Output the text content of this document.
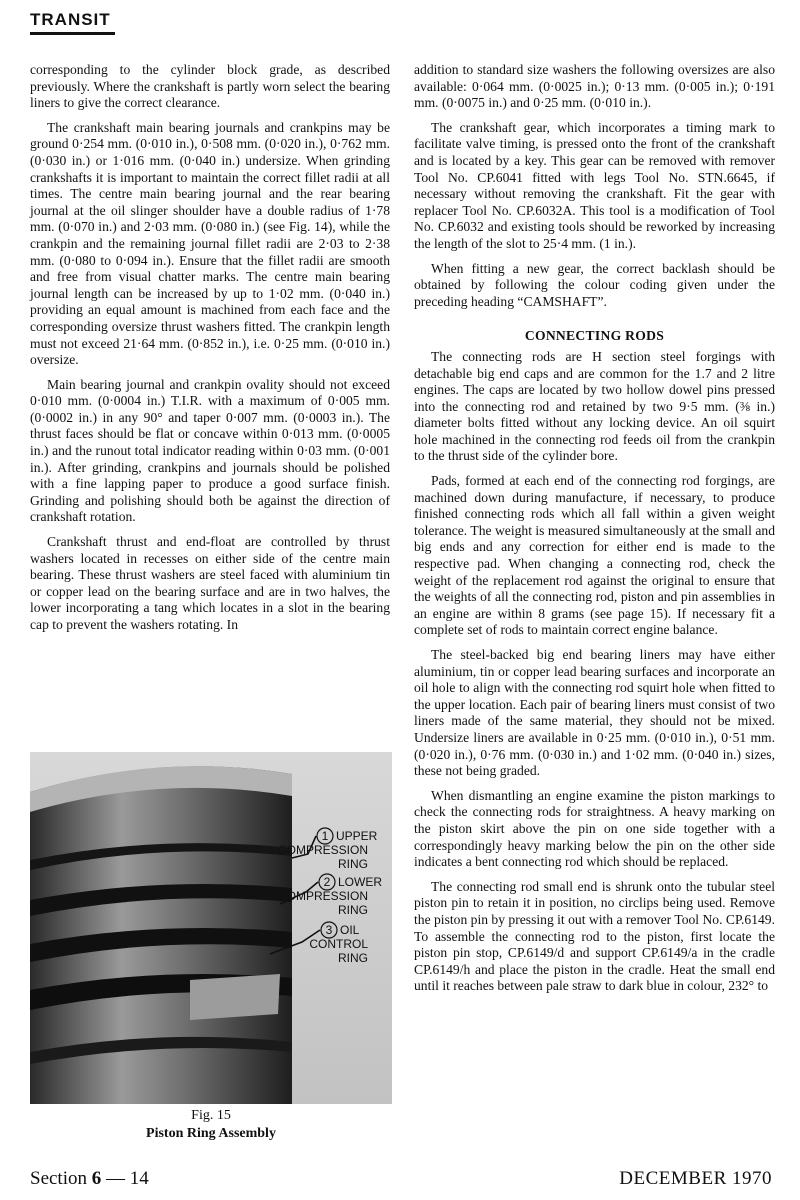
TRANSIT

corresponding to the cylinder block grade, as described previously. Where the crankshaft is partly worn select the bearing liners to give the correct clearance.

The crankshaft main bearing journals and crankpins may be ground 0·254 mm. (0·010 in.), 0·508 mm. (0·020 in.), 0·762 mm. (0·030 in.) or 1·016 mm. (0·040 in.) undersize. When grinding crankshafts it is important to maintain the correct fillet radii at all times. The centre main bearing journal and the rear bearing journal at the oil slinger shoulder have a double radius of 1·78 mm. (0·070 in.) and 2·03 mm. (0·080 in.) (see Fig. 14), while the crankpin and the remaining journal fillet radii are 2·03 to 2·38 mm. (0·080 to 0·094 in.). Ensure that the fillet radii are smooth and free from visual chatter marks. The centre main bearing journal length can be increased by up to 1·02 mm. (0·040 in.) providing an equal amount is machined from each face and the corresponding oversize thrust washers fitted. The crankpin length must not exceed 21·64 mm. (0·852 in.), i.e. 0·25 mm. (0·010 in.) oversize.

Main bearing journal and crankpin ovality should not exceed 0·010 mm. (0·0004 in.) T.I.R. with a maximum of 0·005 mm. (0·0002 in.) in any 90° and taper 0·007 mm. (0·0003 in.). The thrust faces should be flat or concave within 0·013 mm. (0·0005 in.) and the runout total indicator reading within 0·03 mm. (0·001 in.). After grinding, crankpins and journals should be polished with a fine lapping paper to produce a good surface finish. Grinding and polishing should both be against the direction of crankshaft rotation.

Crankshaft thrust and end-float are controlled by thrust washers located in recesses on either side of the centre main bearing. These thrust washers are steel faced with aluminium tin or copper lead on the bearing surface and are in two halves, the lower incorporating a tang which locates in a slot in the bearing cap to prevent the washers rotating. In

addition to standard size washers the following oversizes are also available: 0·064 mm. (0·0025 in.); 0·13 mm. (0·005 in.); 0·191 mm. (0·0075 in.) and 0·25 mm. (0·010 in.).

The crankshaft gear, which incorporates a timing mark to facilitate valve timing, is pressed onto the front of the crankshaft and is located by a key. This gear can be removed with remover Tool No. CP.6041 fitted with legs Tool No. STN.6645, if necessary without removing the crankshaft. Fit the gear with replacer Tool No. CP.6032A. This tool is a modification of Tool No. CP.6032 and existing tools should be reworked by increasing the length of the slot to 25·4 mm. (1 in.).

When fitting a new gear, the correct backlash should be obtained by following the colour coding given under the preceding heading “CAMSHAFT”.

CONNECTING RODS

The connecting rods are H section steel forgings with detachable big end caps and are common for the 1.7 and 2 litre engines. The caps are located by two hollow dowel pins pressed into the connecting rod and retained by two 9·5 mm. (⅜ in.) diameter bolts fitted without any locking device. An oil squirt hole machined in the connecting rod feeds oil from the crankpin to the thrust side of the cylinder bore.

Pads, formed at each end of the connecting rod forgings, are machined down during manufacture, if necessary, to produce finished connecting rods which all fall within a given weight tolerance. The weight is measured simultaneously at the small and big ends and any correction for either end is made to the respective pad. When changing a connecting rod, check the weight of the replacement rod against the original to ensure that the weights of all the connecting rod, piston and pin assemblies in an engine are within 8 grams (see page 15). If necessary fit a complete set of rods to maintain correct engine balance.

The steel-backed big end bearing liners may have either aluminium, tin or copper lead bearing surfaces and incorporate an oil hole to align with the connecting rod squirt hole when fitted to the upper location. Each pair of bearing liners must consist of two liners made of the same material, they should not be mixed. Undersize liners are available in 0·25 mm. (0·010 in.), 0·51 mm. (0·020 in.), 0·76 mm. (0·030 in.) and 1·02 mm. (0·040 in.) sizes, these not being graded.

When dismantling an engine examine the piston markings to check the connecting rods for straightness. A heavy marking on the piston skirt above the pin on one side together with a correspondingly heavy marking below the pin on the other side indicates a bent connecting rod which should be replaced.

The connecting rod small end is shrunk onto the tubular steel piston pin to retain it in position, no circlips being used. Remove the piston pin by pressing it out with a remover Tool No. CP.6149. To assemble the connecting rod to the piston, first locate the piston pin stop, CP.6149/d and support CP.6149/a in the cradle CP.6149/h and place the piston in the cradle. Heat the small end until it reaches between pale straw to dark blue in colour, 232° to

1
2
3
UPPER
COMPRESSION
RING
LOWER
COMPRESSION
RING
OIL
CONTROL
RING
Fig. 15
Piston Ring Assembly
Section 6 — 14	DECEMBER 1970
